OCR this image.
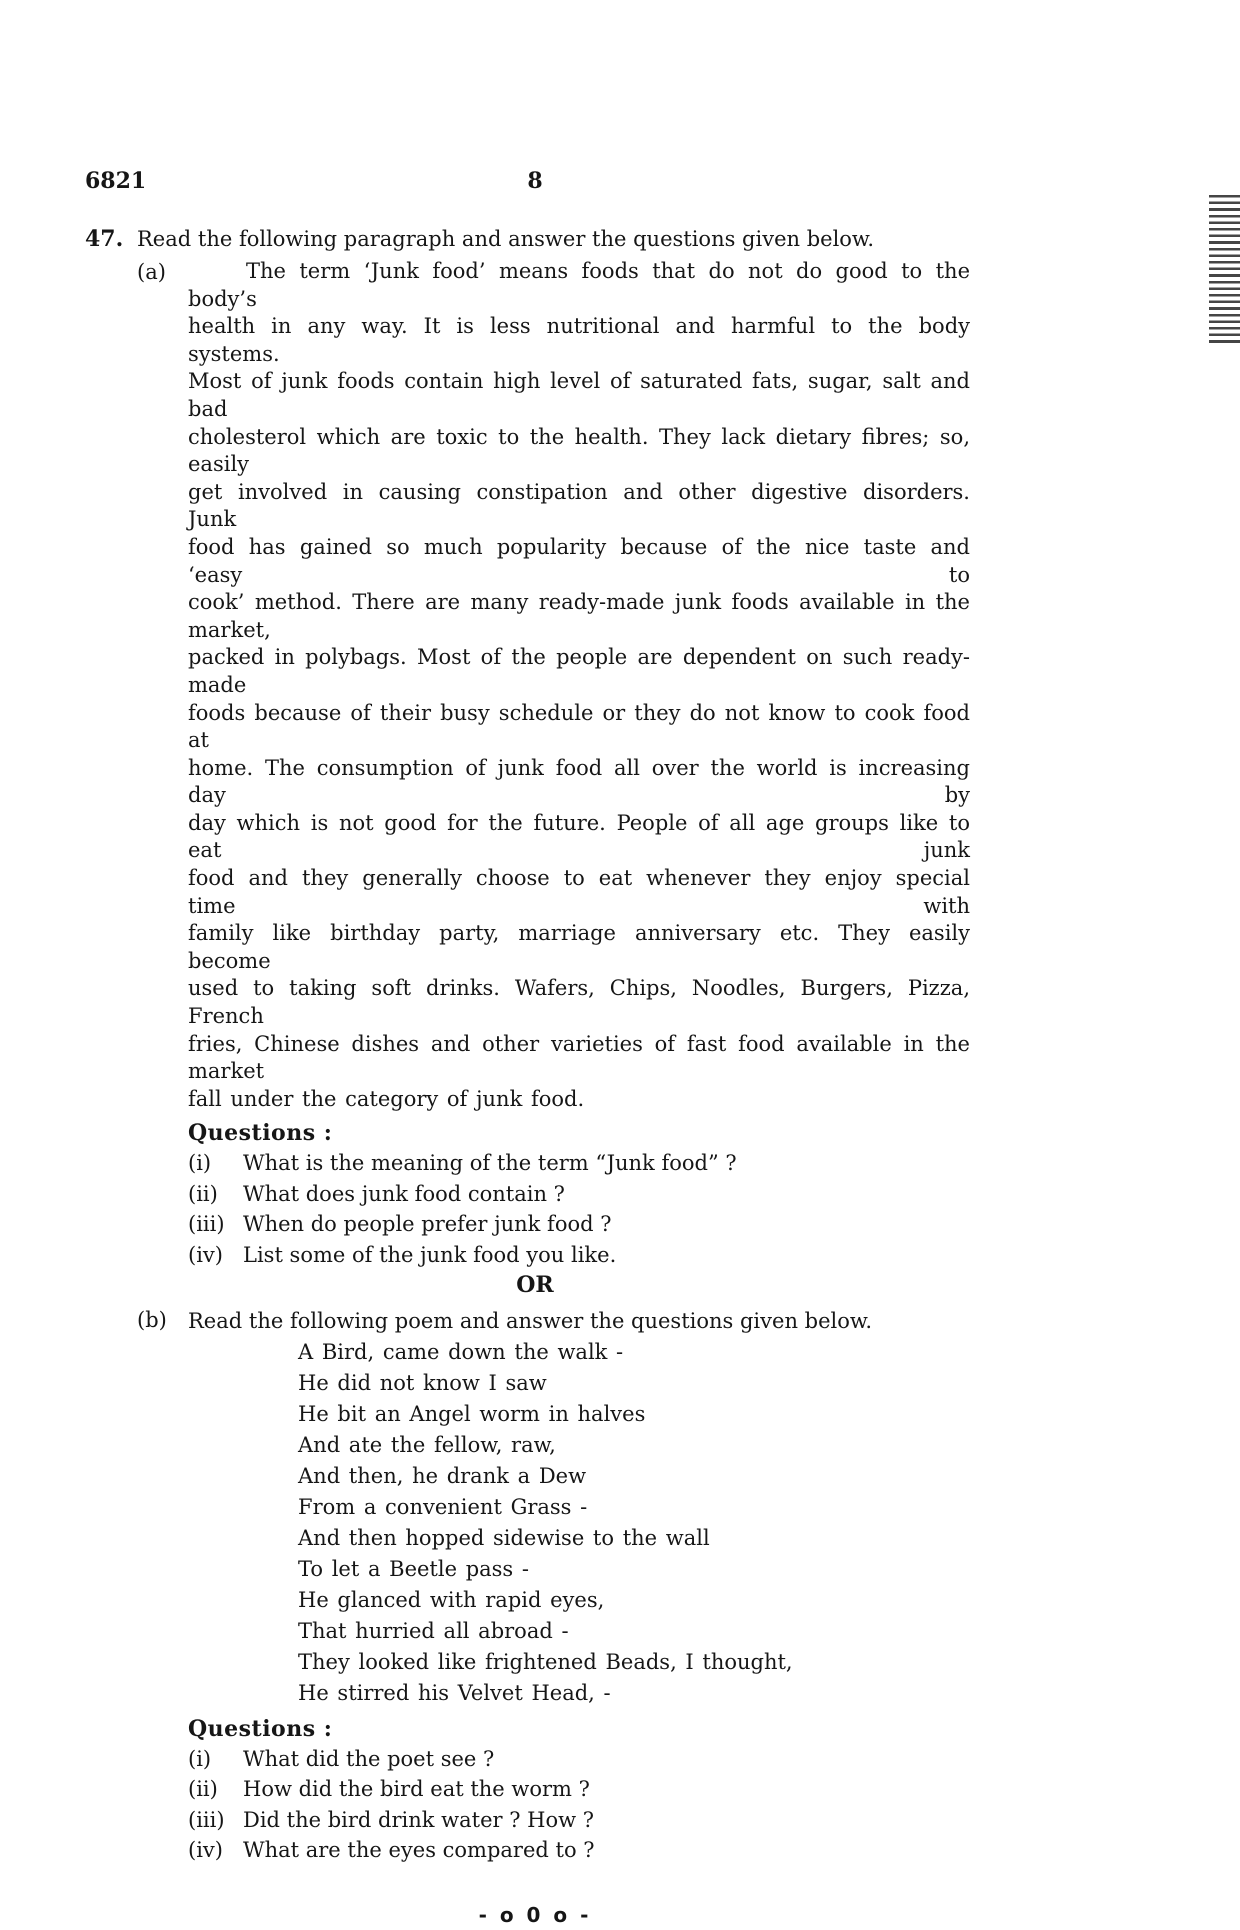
6821	8
47. Read the following paragraph and answer the questions given below.
(a)	The term ‘Junk food’ means foods that do not do good to the body’s
health in any way. It is less nutritional and harmful to the body systems.
Most of junk foods contain high level of saturated fats, sugar, salt and bad
cholesterol which are toxic to the health. They lack dietary fibres; so, easily
get involved in causing constipation and other digestive disorders. Junk
food has gained so much popularity because of the nice taste and ‘easy to
cook’ method. There are many ready-made junk foods available in the market,
packed in polybags. Most of the people are dependent on such ready-made
foods because of their busy schedule or they do not know to cook food at
home. The consumption of junk food all over the world is increasing day by
day which is not good for the future. People of all age groups like to eat junk
food and they generally choose to eat whenever they enjoy special time with
family like birthday party, marriage anniversary etc. They easily become
used to taking soft drinks. Wafers, Chips, Noodles, Burgers, Pizza, French
fries, Chinese dishes and other varieties of fast food available in the market
fall under the category of junk food.
Questions :
(i)	What is the meaning of the term “Junk food” ?
(ii)	What does junk food contain ?
(iii) When do people prefer junk food ?
(iv) List some of the junk food you like.
OR
(b)	Read the following poem and answer the questions given below.
A Bird, came down the walk -
He did not know I saw
He bit an Angel worm in halves
And ate the fellow, raw,
And then, he drank a Dew
From a convenient Grass -
And then hopped sidewise to the wall
To let a Beetle pass -
He glanced with rapid eyes,
That hurried all abroad -
They looked like frightened Beads, I thought,
He stirred his Velvet Head, -
Questions :
(i)	What did the poet see ?
(ii)	How did the bird eat the worm ?
(iii) Did the bird drink water ? How ?
(iv) What are the eyes compared to ?
- o 0 o -
